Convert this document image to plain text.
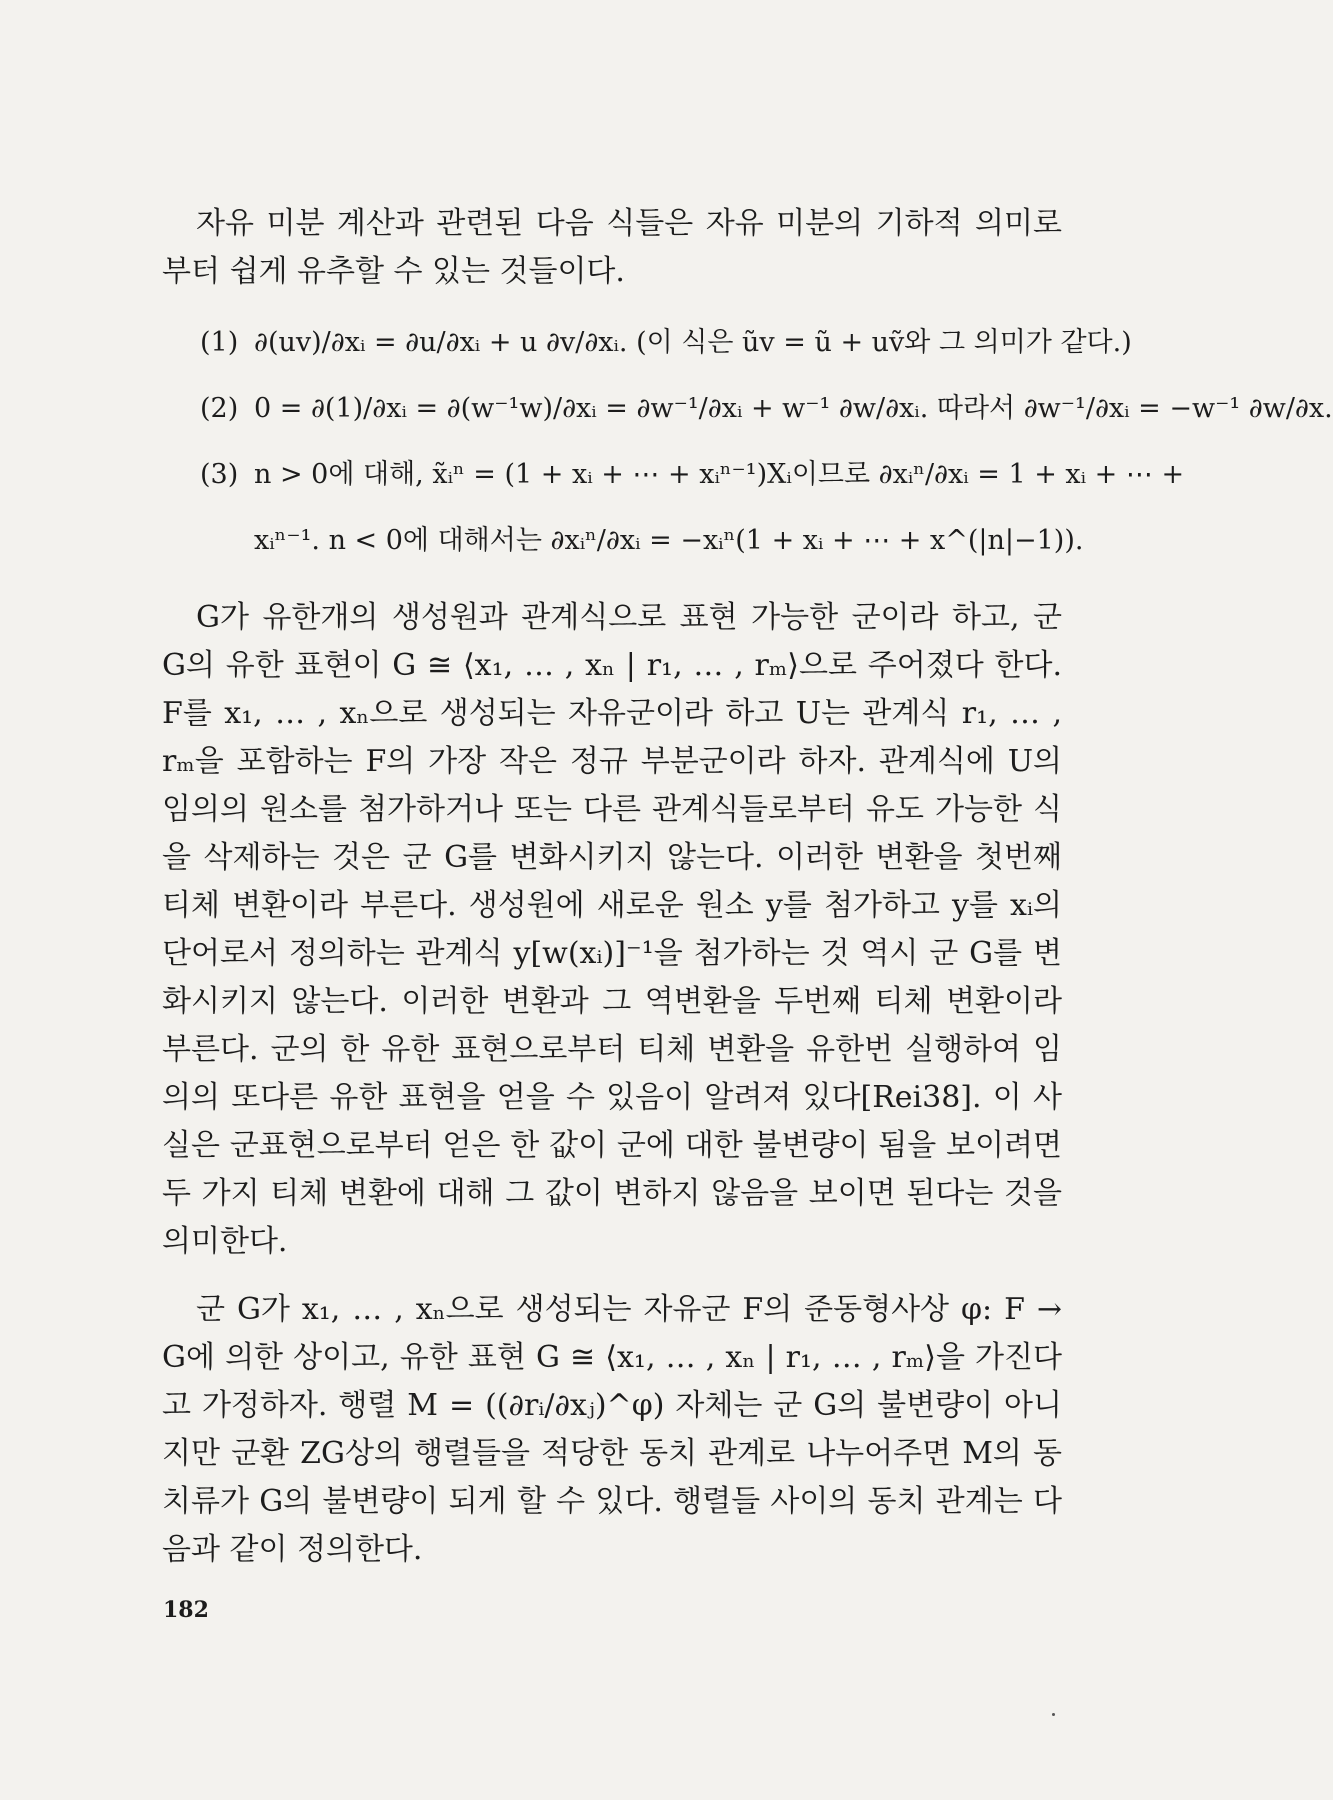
자유 미분 계산과 관련된 다음 식들은 자유 미분의 기하적 의미로부터 쉽게 유추할 수 있는 것들이다.

(1) ∂(uv)/∂xᵢ = ∂u/∂xᵢ + u ∂v/∂xᵢ. (이 식은 ũv = ũ + uṽ와 그 의미가 같다.)
(2) 0 = ∂(1)/∂xᵢ = ∂(w⁻¹w)/∂xᵢ = ∂w⁻¹/∂xᵢ + w⁻¹ ∂w/∂xᵢ. 따라서 ∂w⁻¹/∂xᵢ = −w⁻¹ ∂w/∂x.
(3) n > 0에 대해, x̃ᵢⁿ = (1 + xᵢ + ⋯ + xᵢⁿ⁻¹)Xᵢ이므로 ∂xᵢⁿ/∂xᵢ = 1 + xᵢ + ⋯ +
xᵢⁿ⁻¹. n < 0에 대해서는 ∂xᵢⁿ/∂xᵢ = −xᵢⁿ(1 + xᵢ + ⋯ + x^(|n|−1)).

G가 유한개의 생성원과 관계식으로 표현 가능한 군이라 하고, 군 G의 유한 표현이 G ≅ ⟨x₁, … , xₙ | r₁, … , rₘ⟩으로 주어졌다 한다. F를 x₁, … , xₙ으로 생성되는 자유군이라 하고 U는 관계식 r₁, … , rₘ을 포함하는 F의 가장 작은 정규 부분군이라 하자. 관계식에 U의 임의의 원소를 첨가하거나 또는 다른 관계식들로부터 유도 가능한 식을 삭제하는 것은 군 G를 변화시키지 않는다. 이러한 변환을 첫번째 티체 변환이라 부른다. 생성원에 새로운 원소 y를 첨가하고 y를 xᵢ의 단어로서 정의하는 관계식 y[w(xᵢ)]⁻¹을 첨가하는 것 역시 군 G를 변화시키지 않는다. 이러한 변환과 그 역변환을 두번째 티체 변환이라 부른다. 군의 한 유한 표현으로부터 티체 변환을 유한번 실행하여 임의의 또다른 유한 표현을 얻을 수 있음이 알려져 있다[Rei38]. 이 사실은 군표현으로부터 얻은 한 값이 군에 대한 불변량이 됨을 보이려면 두 가지 티체 변환에 대해 그 값이 변하지 않음을 보이면 된다는 것을 의미한다.

군 G가 x₁, … , xₙ으로 생성되는 자유군 F의 준동형사상 φ: F → G에 의한 상이고, 유한 표현 G ≅ ⟨x₁, … , xₙ | r₁, … , rₘ⟩을 가진다고 가정하자. 행렬 M = ((∂rᵢ/∂xⱼ)^φ) 자체는 군 G의 불변량이 아니지만 군환 ZG상의 행렬들을 적당한 동치 관계로 나누어주면 M의 동치류가 G의 불변량이 되게 할 수 있다. 행렬들 사이의 동치 관계는 다음과 같이 정의한다.

182
